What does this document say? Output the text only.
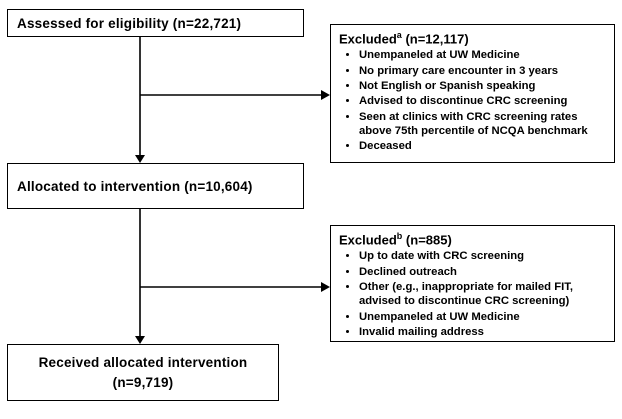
Assessed for eligibility (n=22,721)
Excluded$^a$ (n=12,117)
• Unempaneled at UW Medicine
• No primary care encounter in 3 years
• Not English or Spanish speaking
• Advised to discontinue CRC screening
• Seen at clinics with CRC screening rates above 75th percentile of NCQA benchmark
• Deceased
Allocated to intervention (n=10,604)
Excluded$^b$ (n=885)
• Up to date with CRC screening
• Declined outreach
• Other (e.g., inappropriate for mailed FIT, advised to discontinue CRC screening)
• Unempaneled at UW Medicine
• Invalid mailing address
Received allocated intervention
(n=9,719)
